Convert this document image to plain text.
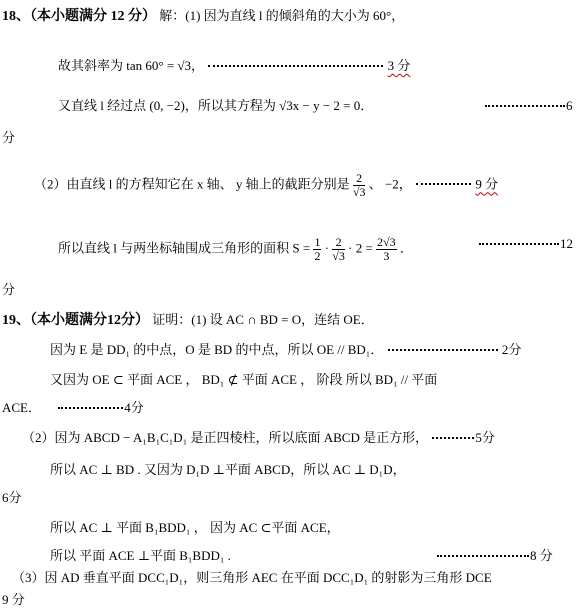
18、（本小题满分 12 分） 解：(1) 因为直线 l 的倾斜角的大小为 60°，
故其斜率为 tan 60° = √3，	3 分
又直线 l 经过点 (0, −2)，所以其方程为 √3x − y − 2 = 0．	6
分
（2）由直线 l 的方程知它在 x 轴、 y 轴上的截距分别是 $\frac{2}{√3}$ 、 −2，	9 分
所以直线 l 与两坐标轴围成三角形的面积 $S = \frac{1}{2} \cdot \frac{2}{√3} \cdot 2 = \frac{2√3}{3}$ ．	12
分
19、（本小题满分12分） 证明：(1) 设 AC ∩ BD = O，连结 OE．
因为 E 是 DD₁ 的中点，O 是 BD 的中点，所以 OE // BD₁．	2分
又因为 OE ⊂ 平面 ACE ， BD₁ ⊄ 平面 ACE ， 阶段 所以 BD₁ // 平面
ACE．	4分
（2）因为 ABCD − A₁B₁C₁D₁ 是正四棱柱，所以底面 ABCD 是正方形，	5分
所以 AC ⊥ BD . 又因为 D₁D ⊥平面 ABCD，所以 AC ⊥ D₁D，
6分
所以 AC ⊥ 平面 B₁BDD₁ ， 因为 AC ⊂平面 ACE，
所以 平面 ACE ⊥平面 B₁BDD₁ .	8 分
（3）因 AD 垂直平面 DCC₁D₁，则三角形 AEC 在平面 DCC₁D₁ 的射影为三角形 DCE
9 分
